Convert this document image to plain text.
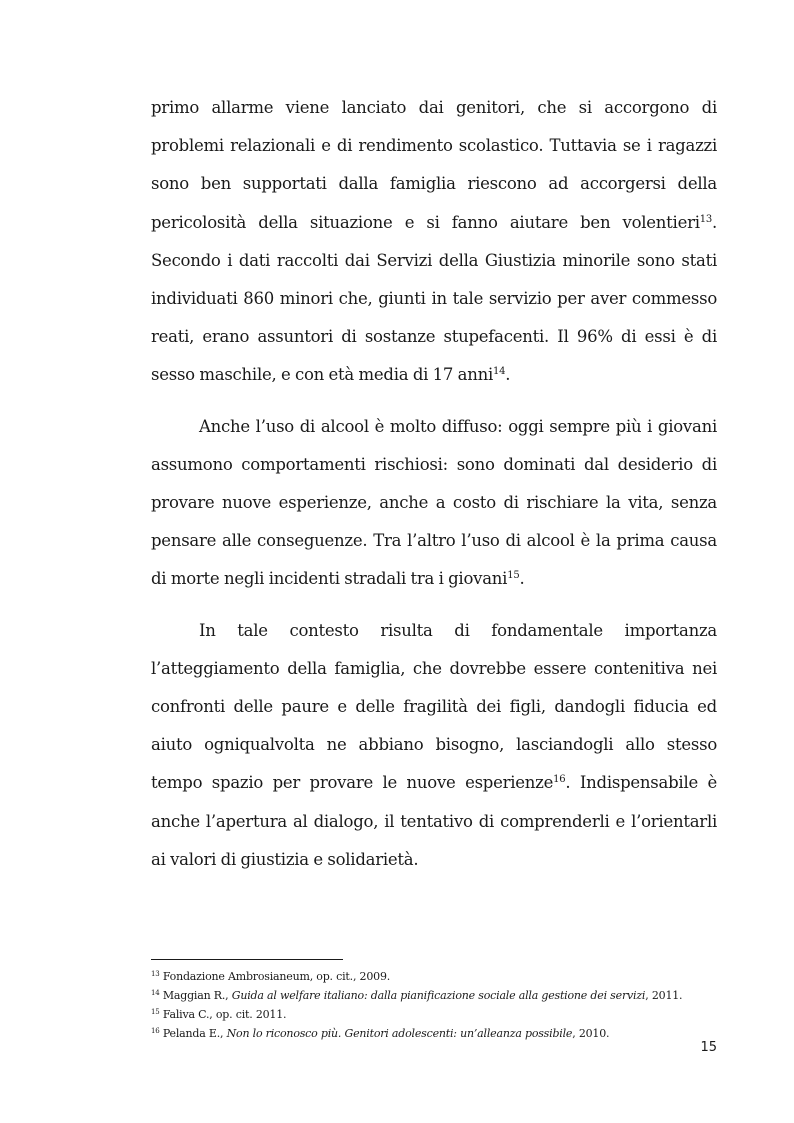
primo allarme viene lanciato dai genitori, che si accorgono di problemi relazionali e di rendimento scolastico. Tuttavia se i ragazzi sono ben supportati dalla famiglia riescono ad accorgersi della pericolosità della situazione e si fanno aiutare ben volentieri$^{13}$. Secondo i dati raccolti dai Servizi della Giustizia minorile sono stati individuati 860 minori che, giunti in tale servizio per aver commesso reati, erano assuntori di sostanze stupefacenti. Il 96% di essi è di sesso maschile, e con età media di 17 anni$^{14}$.

Anche l’uso di alcool è molto diffuso: oggi sempre più i giovani assumono comportamenti rischiosi: sono dominati dal desiderio di provare nuove esperienze, anche a costo di rischiare la vita, senza pensare alle conseguenze. Tra l’altro l’uso di alcool è la prima causa di morte negli incidenti stradali tra i giovani$^{15}$.

In tale contesto risulta di fondamentale importanza l’atteggiamento della famiglia, che dovrebbe essere contenitiva nei confronti delle paure e delle fragilità dei figli, dandogli fiducia ed aiuto ogniqualvolta ne abbiano bisogno, lasciandogli allo stesso tempo spazio per provare le nuove esperienze$^{16}$. Indispensabile è anche l’apertura al dialogo, il tentativo di comprenderli e l’orientarli ai valori di giustizia e solidarietà.

$^{13}$ Fondazione Ambrosianeum, op. cit., 2009.
$^{14}$ Maggian R., Guida al welfare italiano: dalla pianificazione sociale alla gestione dei servizi, 2011.
$^{15}$ Faliva C., op. cit. 2011.
$^{16}$ Pelanda E., Non lo riconosco più. Genitori adolescenti: un’alleanza possibile, 2010.
15
